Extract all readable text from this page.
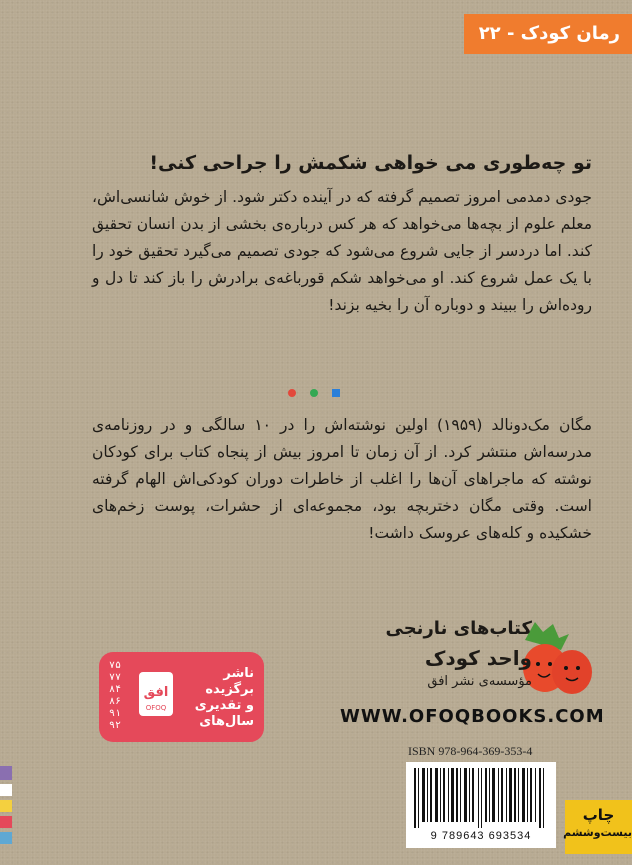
رمان کودک - ۲۲
تو چه‌طوری می خواهی شکمش را جراحی کنی!
جودی دمدمی امروز تصمیم گرفته که در آینده دکتر شود. از خوش شانسی‌اش، معلم علوم از بچه‌ها می‌خواهد که هر کس درباره‌ی بخشی از بدن انسان تحقیق کند. اما دردسر از جایی شروع می‌شود که جودی تصمیم می‌گیرد تحقیق خود را با یک عمل شروع کند. او می‌خواهد شکم قورباغه‌ی برادرش را باز کند تا دل و روده‌اش را ببیند و دوباره آن را بخیه بزند!
مگان مک‌دونالد (۱۹۵۹) اولین نوشته‌اش را در ۱۰ سالگی و در روزنامه‌ی مدرسه‌اش منتشر کرد. از آن زمان تا امروز بیش از پنجاه کتاب برای کودکان نوشته که ماجراهای آن‌ها را اغلب از خاطرات دوران کودکی‌اش الهام گرفته است. وقتی مگان دختربچه بود، مجموعه‌ای از حشرات، پوست زخم‌های خشکیده و کله‌های عروسک داشت!
کتاب‌های نارنجی
واحد کودک
مؤسسه‌ی نشر افق
WWW.OFOQBOOKS.COM
۷۵
۷۷
۸۴
۸۶
۹۱
۹۲
افق
OFOQ
ناشر
برگزیده
و تقدیری
سال‌های
ISBN 978-964-369-353-4
9 789643 693534
چاپ
بیست‌وششم
